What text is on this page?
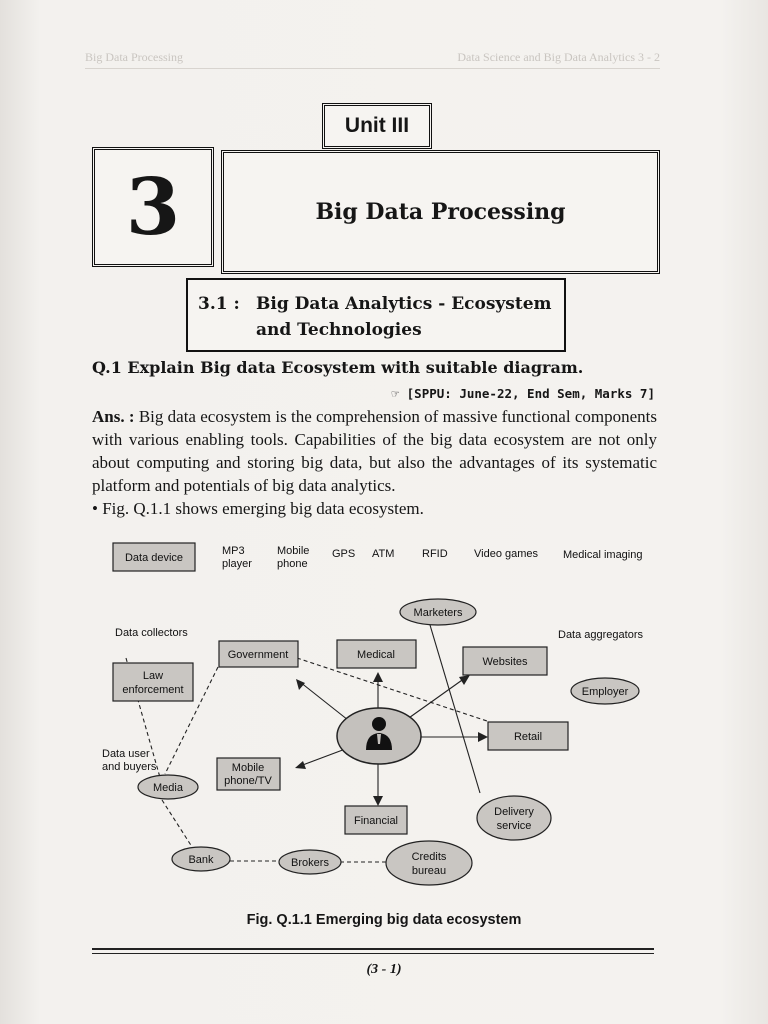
Big Data Processing	Data Science and Big Data Analytics 3 - 2
Unit III
3	Big Data Processing
3.1 : Big Data Analytics - Ecosystem
and Technologies
Q.1 Explain Big data Ecosystem with suitable diagram.
☞ [SPPU: June-22, End Sem, Marks 7]
Ans. : Big data ecosystem is the comprehension of massive functional components with various enabling tools. Capabilities of the big data ecosystem are not only about computing and storing big data, but also the advantages of its systematic platform and potentials of big data analytics.
• Fig. Q.1.1 shows emerging big data ecosystem.
Data device
MP3
player
Mobile
phone
GPS ATM	RFID Video games Medical imaging
Data collectors	Data aggregators
Data user
and buyers
Marketers
Government	Medical
Websites
Law
enforcement	Employer
Retail
Mobile
phone/TV
Media
Financial
Delivery
service
Bank	Brokers	Credits
bureau
Fig. Q.1.1 Emerging big data ecosystem
(3 - 1)
